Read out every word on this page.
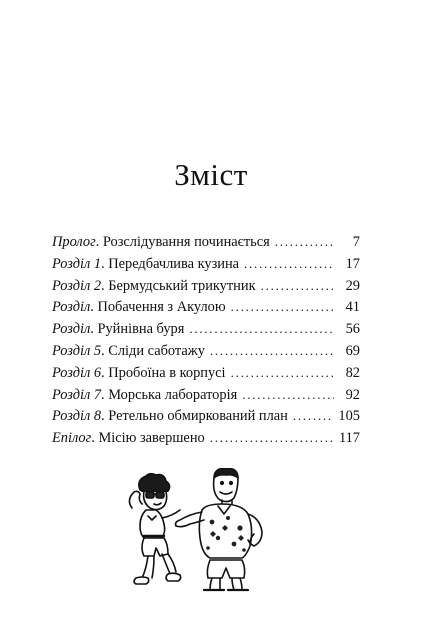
Зміст
Пролог. Розслідування починається . . .	7
Розділ 1. Передбачлива кузина . . .	17
Розділ 2. Бермудський трикутник . . .	29
Розділ. Побачення з Акулою . . .	41
Розділ. Руйнівна буря . . .	56
Розділ 5. Сліди саботажу . . .	69
Розділ 6. Пробоїна в корпусі . . .	82
Розділ 7. Морська лабораторія . . .	92
Розділ 8. Ретельно обмиркований план . . .	105
Епілог. Місію завершено . . .	117
